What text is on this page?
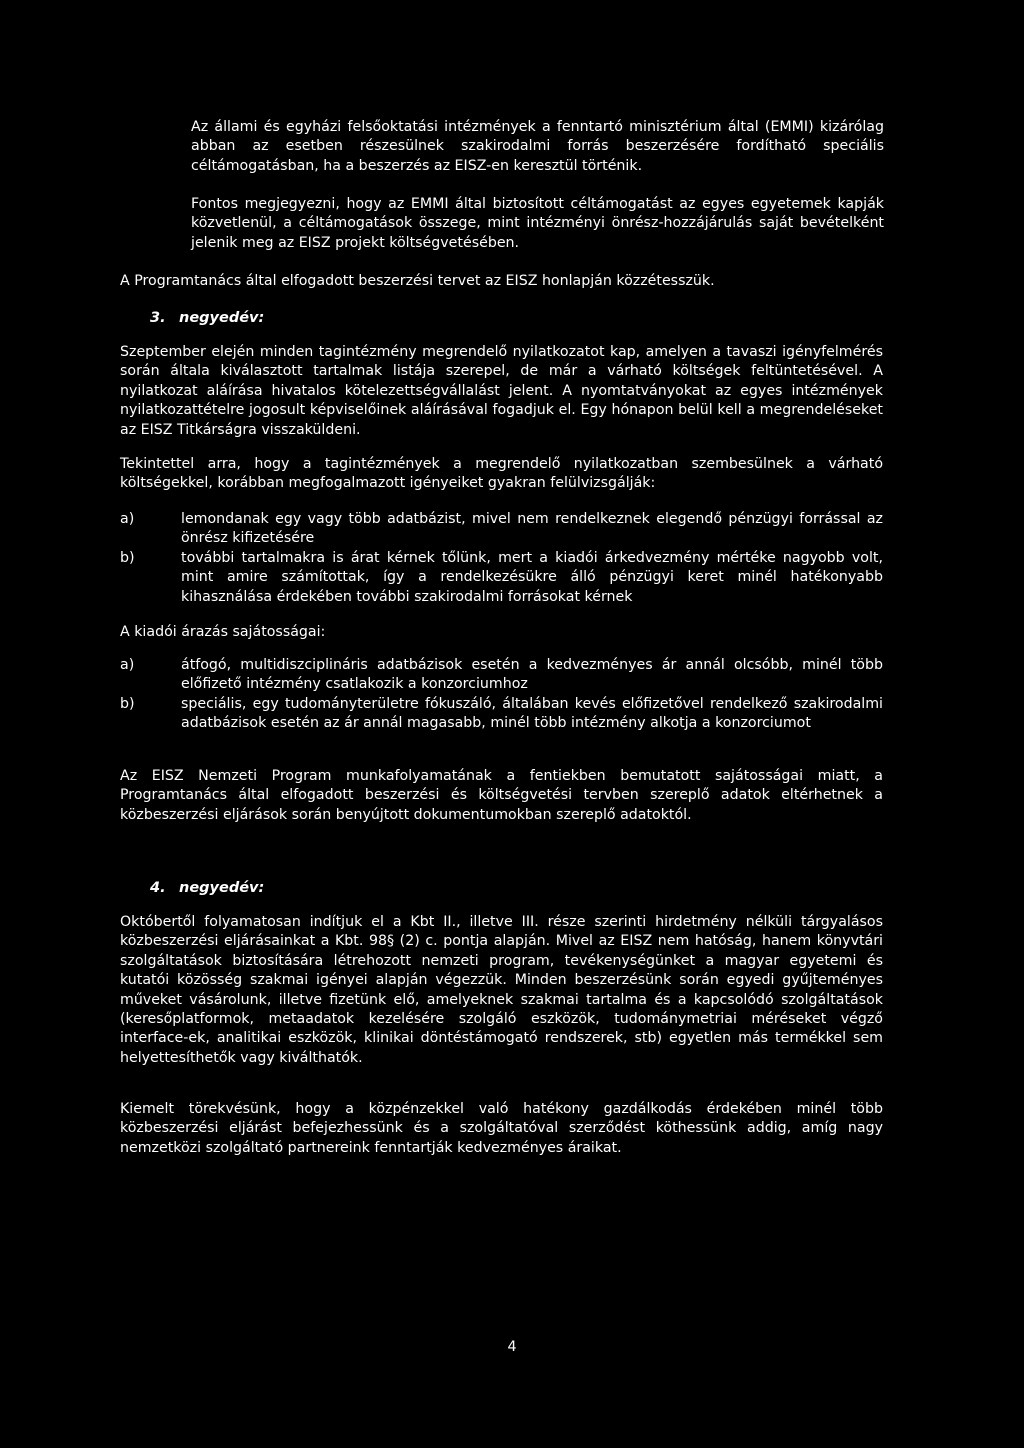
Az állami és egyházi felsőoktatási intézmények a fenntartó minisztérium által (EMMI) kizárólag abban az esetben részesülnek szakirodalmi forrás beszerzésére fordítható speciális céltámogatásban, ha a beszerzés az EISZ-en keresztül történik.

Fontos megjegyezni, hogy az EMMI által biztosított céltámogatást az egyes egyetemek kapják közvetlenül, a céltámogatások összege, mint intézményi önrész-hozzájárulás saját bevételként jelenik meg az EISZ projekt költségvetésében.

A Programtanács által elfogadott beszerzési tervet az EISZ honlapján közzétesszük.

3. negyedév:

Szeptember elején minden tagintézmény megrendelő nyilatkozatot kap, amelyen a tavaszi igényfelmérés során általa kiválasztott tartalmak listája szerepel, de már a várható költségek feltüntetésével. A nyilatkozat aláírása hivatalos kötelezettségvállalást jelent. A nyomtatványokat az egyes intézmények nyilatkozattételre jogosult képviselőinek aláírásával fogadjuk el. Egy hónapon belül kell a megrendeléseket az EISZ Titkárságra visszaküldeni.

Tekintettel arra, hogy a tagintézmények a megrendelő nyilatkozatban szembesülnek a várható költségekkel, korábban megfogalmazott igényeiket gyakran felülvizsgálják:

a)	lemondanak egy vagy több adatbázist, mivel nem rendelkeznek elegendő pénzügyi forrással az önrész kifizetésére
b)	további tartalmakra is árat kérnek tőlünk, mert a kiadói árkedvezmény mértéke nagyobb volt, mint amire számítottak, így a rendelkezésükre álló pénzügyi keret minél hatékonyabb kihasználása érdekében további szakirodalmi forrásokat kérnek

A kiadói árazás sajátosságai:

a)	átfogó, multidiszciplináris adatbázisok esetén a kedvezményes ár annál olcsóbb, minél több előfizető intézmény csatlakozik a konzorciumhoz
b)	speciális, egy tudományterületre fókuszáló, általában kevés előfizetővel rendelkező szakirodalmi adatbázisok esetén az ár annál magasabb, minél több intézmény alkotja a konzorciumot

Az EISZ Nemzeti Program munkafolyamatának a fentiekben bemutatott sajátosságai miatt, a Programtanács által elfogadott beszerzési és költségvetési tervben szereplő adatok eltérhetnek a közbeszerzési eljárások során benyújtott dokumentumokban szereplő adatoktól.

4. negyedév:

Októbertől folyamatosan indítjuk el a Kbt II., illetve III. része szerinti hirdetmény nélküli tárgyalásos közbeszerzési eljárásainkat a Kbt. 98§ (2) c. pontja alapján. Mivel az EISZ nem hatóság, hanem könyvtári szolgáltatások biztosítására létrehozott nemzeti program, tevékenységünket a magyar egyetemi és kutatói közösség szakmai igényei alapján végezzük. Minden beszerzésünk során egyedi gyűjteményes műveket vásárolunk, illetve fizetünk elő, amelyeknek szakmai tartalma és a kapcsolódó szolgáltatások (keresőplatformok, metaadatok kezelésére szolgáló eszközök, tudománymetriai méréseket végző interface-ek, analitikai eszközök, klinikai döntéstámogató rendszerek, stb) egyetlen más termékkel sem helyettesíthetők vagy kiválthatók.

Kiemelt törekvésünk, hogy a közpénzekkel való hatékony gazdálkodás érdekében minél több közbeszerzési eljárást befejezhessünk és a szolgáltatóval szerződést köthessünk addig, amíg nagy nemzetközi szolgáltató partnereink fenntartják kedvezményes áraikat.

4
